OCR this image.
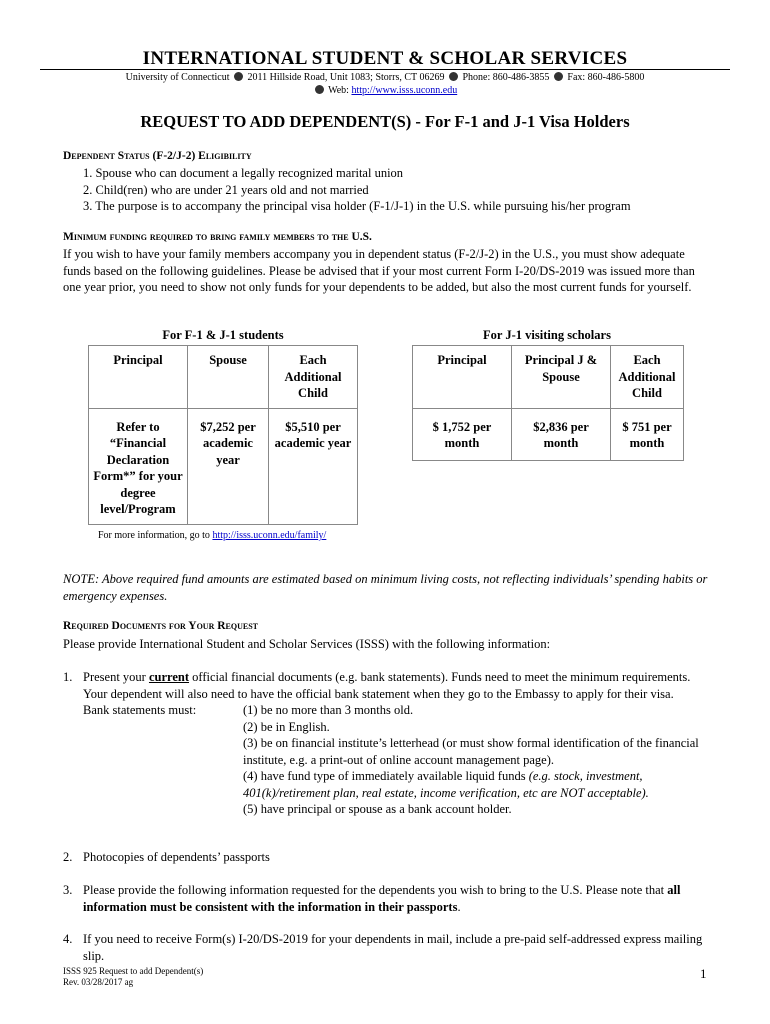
INTERNATIONAL STUDENT & SCHOLAR SERVICES
University of Connecticut 2011 Hillside Road, Unit 1083; Storrs, CT 06269 Phone: 860-486-3855 Fax: 860-486-5800
Web: http://www.isss.uconn.edu
REQUEST TO ADD DEPENDENT(S) - For F-1 and J-1 Visa Holders
Dependent Status (F-2/J-2) Eligibility
1. Spouse who can document a legally recognized marital union
2. Child(ren) who are under 21 years old and not married
3. The purpose is to accompany the principal visa holder (F-1/J-1) in the U.S. while pursuing his/her program
Minimum funding required to bring family members to the U.S.
If you wish to have your family members accompany you in dependent status (F-2/J-2) in the U.S., you must show adequate funds based on the following guidelines. Please be advised that if your most current Form I-20/DS-2019 was issued more than one year prior, you need to show not only funds for your dependents to be added, but also the most current funds for yourself.
For F-1 & J-1 students	For J-1 visiting scholars
Principal	Spouse	Each Additional Child
Refer to “Financial Declaration Form*” for your degree level/Program	$7,252 per academic year	$5,510 per academic year
Principal	Principal J & Spouse	Each Additional Child
$ 1,752 per month	$2,836 per month	$ 751 per month
For more information, go to http://isss.uconn.edu/family/
NOTE: Above required fund amounts are estimated based on minimum living costs, not reflecting individuals’ spending habits or emergency expenses.
Required Documents for Your Request
Please provide International Student and Scholar Services (ISSS) with the following information:
1. Present your current official financial documents (e.g. bank statements). Funds need to meet the minimum requirements. Your dependent will also need to have the official bank statement when they go to the Embassy to apply for their visa.
Bank statements must:	(1) be no more than 3 months old.
(2) be in English.
(3) be on financial institute’s letterhead (or must show formal identification of the financial institute, e.g. a print-out of online account management page).
(4) have fund type of immediately available liquid funds (e.g. stock, investment, 401(k)/retirement plan, real estate, income verification, etc are NOT acceptable).
(5) have principal or spouse as a bank account holder.
2. Photocopies of dependents’ passports
3. Please provide the following information requested for the dependents you wish to bring to the U.S. Please note that all information must be consistent with the information in their passports.
4. If you need to receive Form(s) I-20/DS-2019 for your dependents in mail, include a pre-paid self-addressed express mailing slip.
ISSS 925 Request to add Dependent(s)
Rev. 03/28/2017 ag
1
